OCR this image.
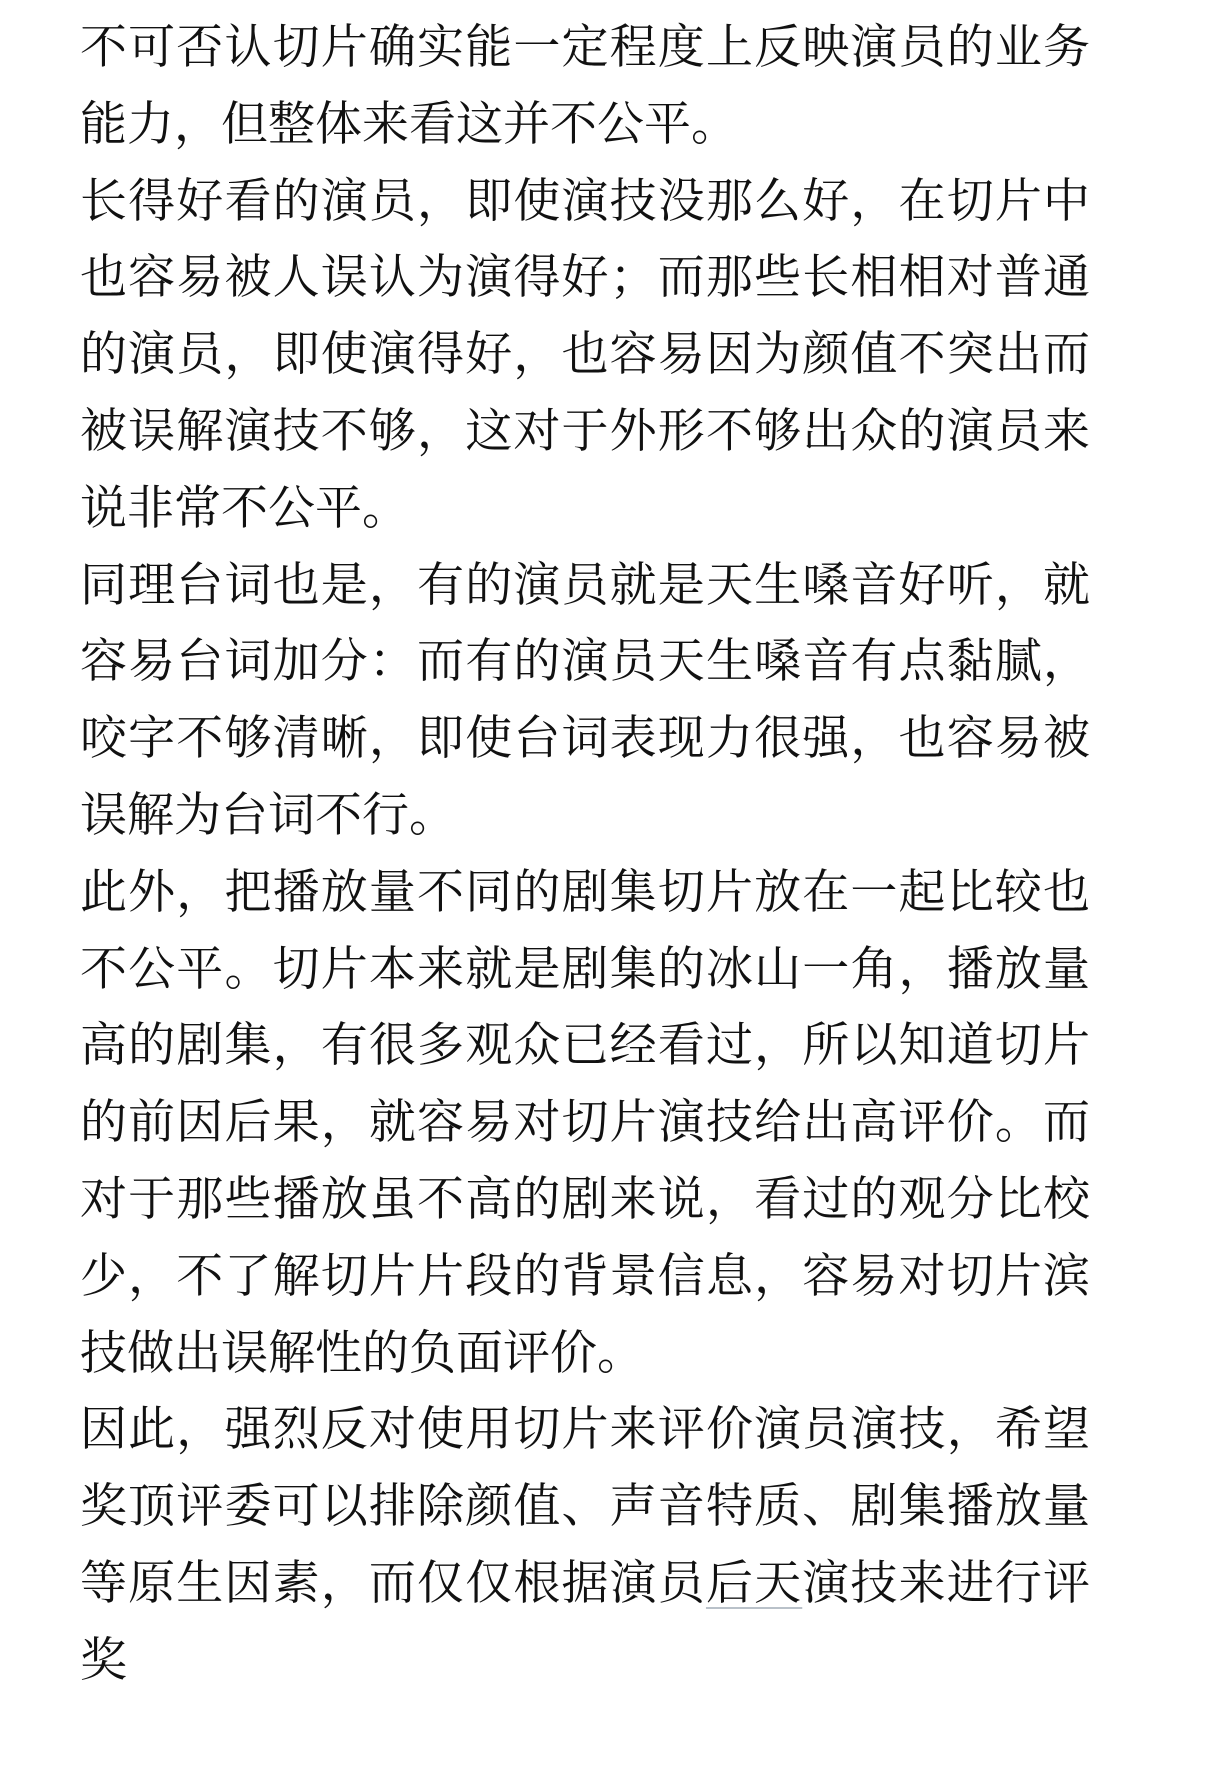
不可否认切片确实能一定程度上反映演员的业务能力，但整体来看这并不公平。

长得好看的演员，即使演技没那么好，在切片中也容易被人误认为演得好；而那些长相相对普通的演员，即使演得好，也容易因为颜值不突出而被误解演技不够，这对于外形不够出众的演员来说非常不公平。

同理台词也是，有的演员就是天生嗓音好听，就容易台词加分：而有的演员天生嗓音有点黏腻，咬字不够清晰，即使台词表现力很强，也容易被误解为台词不行。

此外，把播放量不同的剧集切片放在一起比较也不公平。切片本来就是剧集的冰山一角，播放量高的剧集，有很多观众已经看过，所以知道切片的前因后果，就容易对切片演技给出高评价。而对于那些播放虽不高的剧来说，看过的观分比校少，不了解切片片段的背景信息，容易对切片滨技做出误解性的负面评价。

因此，强烈反对使用切片来评价演员演技，希望奖顶评委可以排除颜值、声音特质、剧集播放量等原生因素，而仅仅根据演员后天演技来进行评奖
